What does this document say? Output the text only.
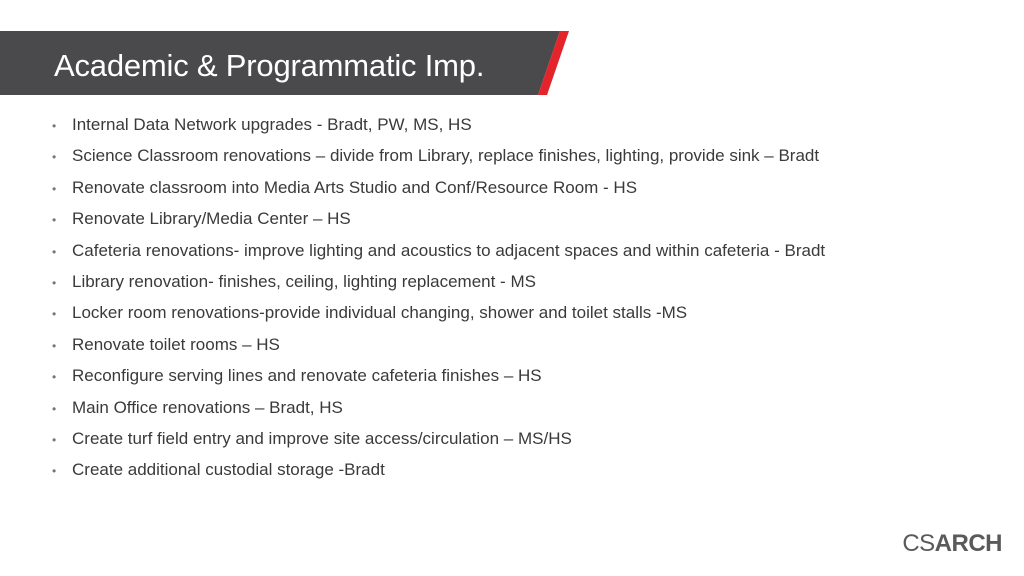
Academic & Programmatic Imp.
• Internal Data Network upgrades - Bradt, PW, MS, HS
• Science Classroom renovations – divide from Library, replace finishes, lighting, provide sink – Bradt
• Renovate classroom into Media Arts Studio and Conf/Resource Room - HS
• Renovate Library/Media Center – HS
• Cafeteria renovations- improve lighting and acoustics to adjacent spaces and within cafeteria - Bradt
• Library renovation- finishes, ceiling, lighting replacement - MS
• Locker room renovations-provide individual changing, shower and toilet stalls -MS
• Renovate toilet rooms – HS
• Reconfigure serving lines and renovate cafeteria finishes – HS
• Main Office renovations – Bradt, HS
• Create turf field entry and improve site access/circulation – MS/HS
• Create additional custodial storage -Bradt
CSARCH
